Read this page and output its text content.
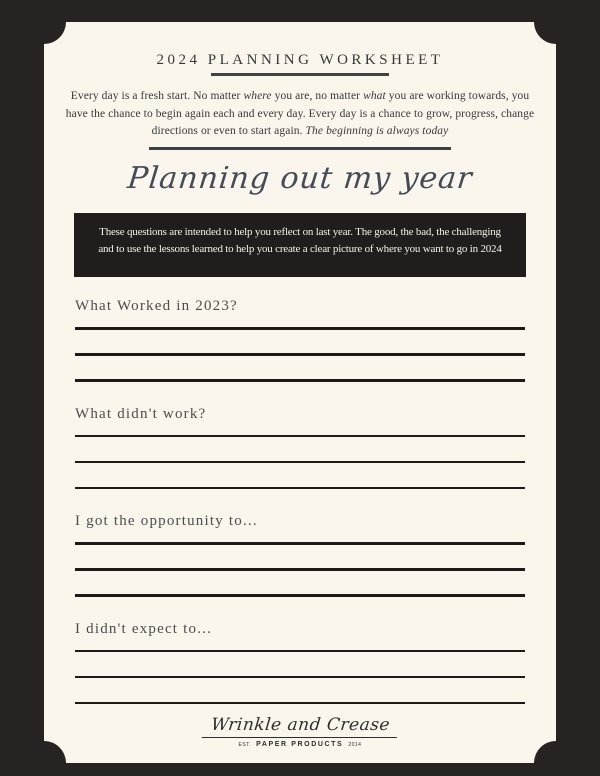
2024 PLANNING WORKSHEET

Every day is a fresh start. No matter where you are, no matter what you are working towards, you have the chance to begin again each and every day. Every day is a chance to grow, progress, change directions or even to start again. The beginning is always today

Planning out my year
These questions are intended to help you reflect on last year. The good, the bad, the challenging and to use the lessons learned to help you create a clear picture of where you want to go in 2024
What Worked in 2023?
What didn't work?
I got the opportunity to...
I didn't expect to...
Wrinkle and Crease
EST. PAPER PRODUCTS 2014
